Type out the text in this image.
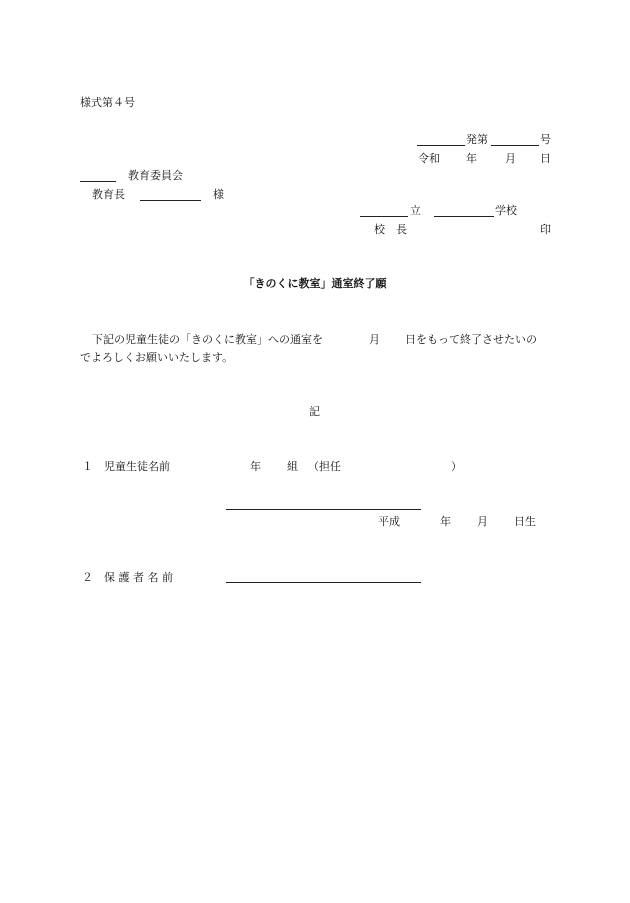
様式第４号
発第	号
令和 年	月 日
教育委員会
教育長	様
立	学校
校　長	印
「きのくに教室」通室終了願
下記の児童生徒の「きのくに教室」への通室を	月 日をもって終了させたいの
でよろしくお願いいたします。
記
１ 児童生徒名前	年 組 （担任	）
平成	年 月 日生
２ 保 護 者 名 前
